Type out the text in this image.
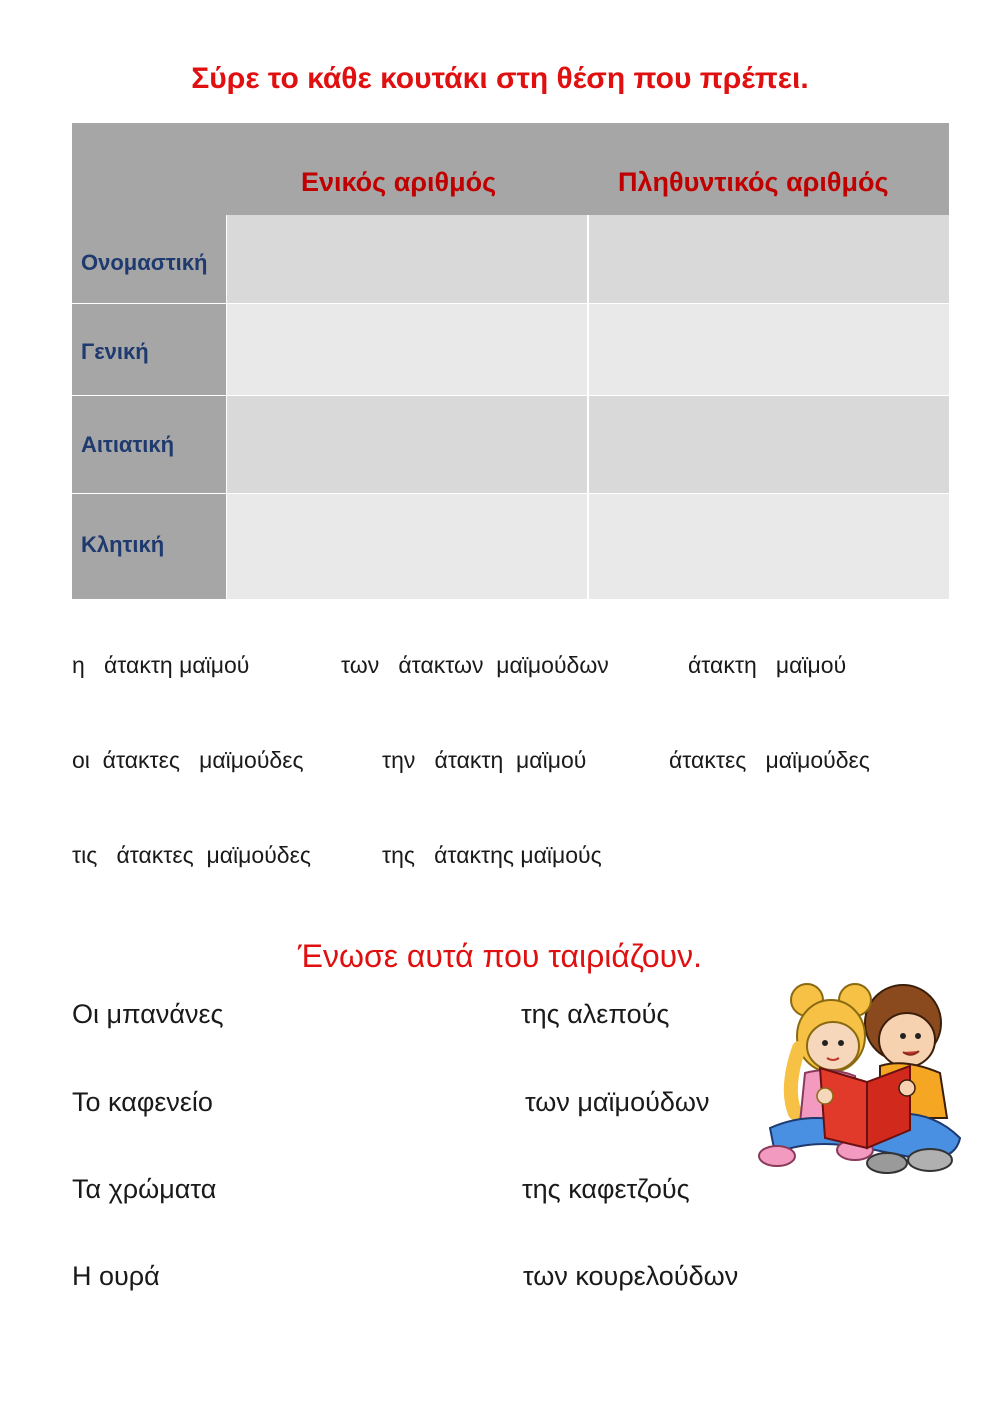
Σύρε το κάθε κουτάκι στη θέση που πρέπει.
Ενικός αριθμός	Πληθυντικός αριθμός
Ονομαστική
Γενική
Αιτιατική
Κλητική
η   άτακτη μαϊμού	των   άτακτων  μαϊμούδων	άτακτη   μαϊμού
οι  άτακτες   μαϊμούδες	την   άτακτη  μαϊμού	άτακτες   μαϊμούδες
τις   άτακτες  μαϊμούδες	της   άτακτης μαϊμούς
Ένωσε αυτά που ταιριάζουν.
Οι μπανάνες
Το καφενείο
Τα χρώματα
Η ουρά
της αλεπούς
των μαϊμούδων
της καφετζούς
των κουρελούδων
